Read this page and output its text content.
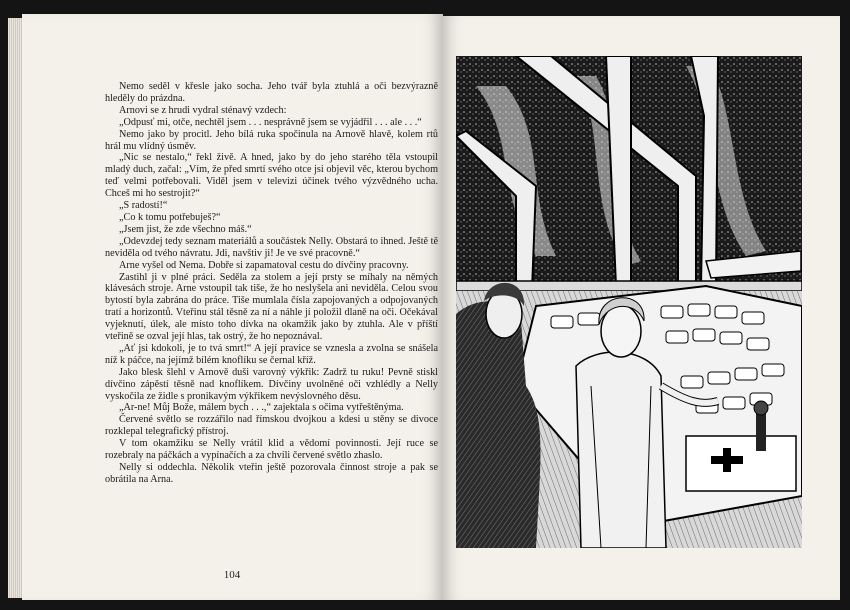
Nemo seděl v křesle jako socha. Jeho tvář byla ztuhlá a oči bezvýrazně hleděly do prázdna.

Arnovi se z hrudi vydral sténavý vzdech:

„Odpusť mi, otče, nechtěl jsem . . . nesprávně jsem se vyjádřil . . . ale . . .“

Nemo jako by procitl. Jeho bílá ruka spočinula na Arnově hlavě, kolem rtů hrál mu vlídný úsměv.

„Nic se nestalo,“ řekl živě. A hned, jako by do jeho starého těla vstoupil mladý duch, začal: „Vím, že před smrtí svého otce jsi objevil věc, kterou bychom teď velmi potřebovali. Viděl jsem v televizi účinek tvého výzvědného ucha. Chceš mi ho sestrojit?“

„S radostí!“

„Co k tomu potřebuješ?“

„Jsem jist, že zde všechno máš.“

„Odevzdej tedy seznam materiálů a součástek Nelly. Obstará to ihned. Ještě tě neviděla od tvého návratu. Jdi, navštiv ji! Je ve své pracovně.“

Arne vyšel od Nema. Dobře si zapamatoval cestu do dívčiny pracovny.

Zastihl ji v plné práci. Seděla za stolem a její prsty se míhaly na němých klávesách stroje. Arne vstoupil tak tiše, že ho neslyšela ani neviděla. Celou svou bytostí byla zabrána do práce. Tiše mumlala čísla zapojovaných a odpojovaných tratí a horizontů. Vteřinu stál těsně za ní a náhle jí položil dlaně na oči. Očekával vyjeknutí, úlek, ale místo toho dívka na okamžik jako by ztuhla. Ale v příští vteřině se ozval její hlas, tak ostrý, že ho nepoznával.

„Ať jsi kdokoli, je to tvá smrt!“ A její pravice se vznesla a zvolna se snášela níž k páčce, na jejímž bílém knoflíku se černal kříž.

Jako blesk šlehl v Arnově duši varovný výkřik: Zadrž tu ruku! Pevně stiskl dívčino zápěstí těsně nad knoflíkem. Dívčiny uvolněné oči vzhlédly a Nelly vyskočila ze židle s pronikavým výkřikem nevýslovného děsu.

„Ar-ne! Můj Bože, málem bych . . .,“ zajektala s očima vytřeštěnýma.

Červené světlo se rozzářilo nad římskou dvojkou a kdesi u stěny se divoce rozklepal telegrafický přístroj.

V tom okamžiku se Nelly vrátil klid a vědomí povinnosti. Její ruce se rozebraly na páčkách a vypínačích a za chvíli červené světlo zhaslo.

Nelly si oddechla. Několik vteřin ještě pozorovala činnost stroje a pak se obrátila na Arna.

104
